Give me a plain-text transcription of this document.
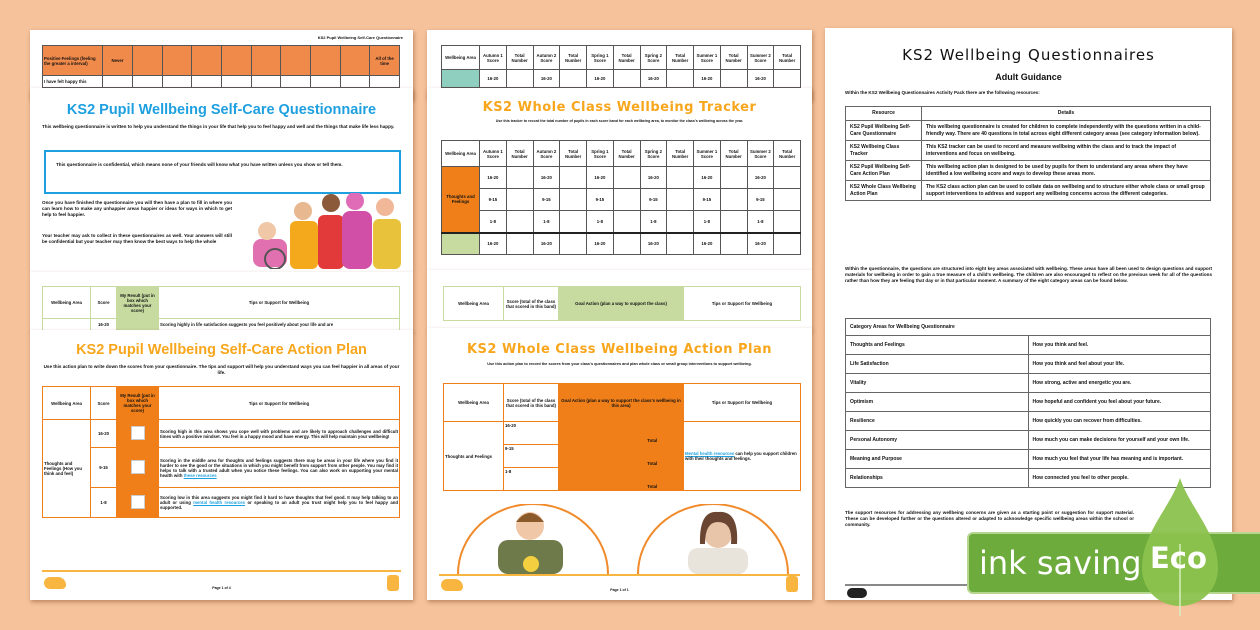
KS2 Pupil Wellbeing Self-Care Questionnaire
Positive Feelings (feeling the greater a interval)	Never									All of the time
I have felt happy this										
KS2 Pupil Wellbeing Self-Care Questionnaire
This wellbeing questionnaire is written to help you understand the things in your life that help you to feel happy and well and the things that make life less happy.
This questionnaire is confidential, which means none of your friends will know what you have written unless you show or tell them.
Once you have finished the questionnaire you will then have a plan to fill in where you can learn how to make any unhappier areas happier or ideas for ways in which to get help to feel happier.
Your teacher may ask to collect in these questionnaires as well. Your answers will still be confidential but your teacher may then know the best ways to help the whole
Wellbeing Area	Score	My Result (put in box which matches your score)	Tips or Support for Wellbeing
	16-20		Scoring highly in life satisfaction suggests you feel positively about your life and are
KS2 Pupil Wellbeing Self-Care Action Plan
Use this action plan to write down the scores from your questionnaire. The tips and support will help you understand ways you can feel happier in all areas of your life.
Wellbeing Area	Score	My Result (put in box which matches your score)	Tips or Support for Wellbeing
Thoughts and Feelings (How you think and feel)	16-20		Scoring high in this area shows you cope well with problems and are likely to approach challenges and difficult times with a positive mindset. You feel in a happy mood and have energy. This will help maintain your wellbeing!
	9-15		Scoring in the middle area for thoughts and feelings suggests there may be areas in your life where you find it harder to see the good or the situations in which you might benefit from support from other people. You may find it helps to talk with a trusted adult when you notice these feelings. You can also work on supporting your mental health with these resources
	1-8		Scoring low in this area suggests you might find it hard to have thoughts that feel good. It may help talking to an adult or using mental health resources or speaking to an adult you trust might help you to feel happy and supported.
Page 1 of 4
Wellbeing Area	Autumn 1 Score	Total Number	Autumn 2 Score	Total Number	Spring 1 Score	Total Number	Spring 2 Score	Total Number	Summer 1 Score	Total Number	Summer 2 Score	Total Number
	16-20		16-20		16-20		16-20		16-20		16-20	
KS2 Whole Class Wellbeing Tracker
Use this tracker to record the total number of pupils in each score band for each wellbeing area, to monitor the class's wellbeing across the year.
Wellbeing Area	Autumn 1 Score	Total Number	Autumn 2 Score	Total Number	Spring 1 Score	Total Number	Spring 2 Score	Total Number	Summer 1 Score	Total Number	Summer 2 Score	Total Number
Thoughts and Feelings	16-20		16-20		16-20		16-20		16-20		16-20	
	9-15		9-15		9-15		9-15		9-15		9-15	
	1-8		1-8		1-8		1-8		1-8		1-8	
	16-20		16-20		16-20		16-20		16-20		16-20	
Wellbeing Area	Score (total of the class that scored in this band)	Goal Action (plan a way to support the class)	Tips or Support for Wellbeing
KS2 Whole Class Wellbeing Action Plan
Use this action plan to record the scores from your class's questionnaires and plan whole class or small group interventions to support wellbeing.
Wellbeing Area	Score (total of the class that scored in this band)	Goal Action (plan a way to support the class's wellbeing in this area)		Tips or Support for Wellbeing
Thoughts and Feelings	16-20		Total	Mental health resources can help you support children with their thoughts and feelings.
	9-15		Total	
	1-8		Total	
Page 1 of 1
KS2 Wellbeing Questionnaires
Adult Guidance
Within the KS2 Wellbeing Questionnaires Activity Pack there are the following resources:
Resource	Details
KS2 Pupil Wellbeing Self-Care Questionnaire	This wellbeing questionnaire is created for children to complete independently with the questions written in a child-friendly way. There are 40 questions in total across eight different category areas (see category information below).
KS2 Wellbeing Class Tracker	This KS2 tracker can be used to record and measure wellbeing within the class and to track the impact of interventions and focus on wellbeing.
KS2 Pupil Wellbeing Self-Care Action Plan	This wellbeing action plan is designed to be used by pupils for them to understand any areas where they have identified a low wellbeing score and ways to develop these areas more.
KS2 Whole Class Wellbeing Action Plan	The KS2 class action plan can be used to collate data on wellbeing and to structure either whole class or small group support interventions to address and support any wellbeing concerns across the different categories.
Within the questionnaire, the questions are structured into eight key areas associated with wellbeing. These areas have all been used to design questions and support materials for wellbeing in order to gain a true measure of a child's wellbeing. The children are also encouraged to reflect on the previous week for all of the questions rather than how they are feeling that day or in that particular moment. A summary of the eight category areas can be found below.
Category Areas for Wellbeing Questionnaire	
Thoughts and Feelings	How you think and feel.
Life Satisfaction	How you think and feel about your life.
Vitality	How strong, active and energetic you are.
Optimism	How hopeful and confident you feel about your future.
Resilience	How quickly you can recover from difficulties.
Personal Autonomy	How much you can make decisions for yourself and your own life.
Meaning and Purpose	How much you feel that your life has meaning and is important.
Relationships	How connected you feel to other people.
The support resources for addressing any wellbeing concerns are given as a starting point or suggestion for support material. These can be developed further or the questions altered or adapted to acknowledge specific wellbeing areas within the school or community.
ink saving Eco
